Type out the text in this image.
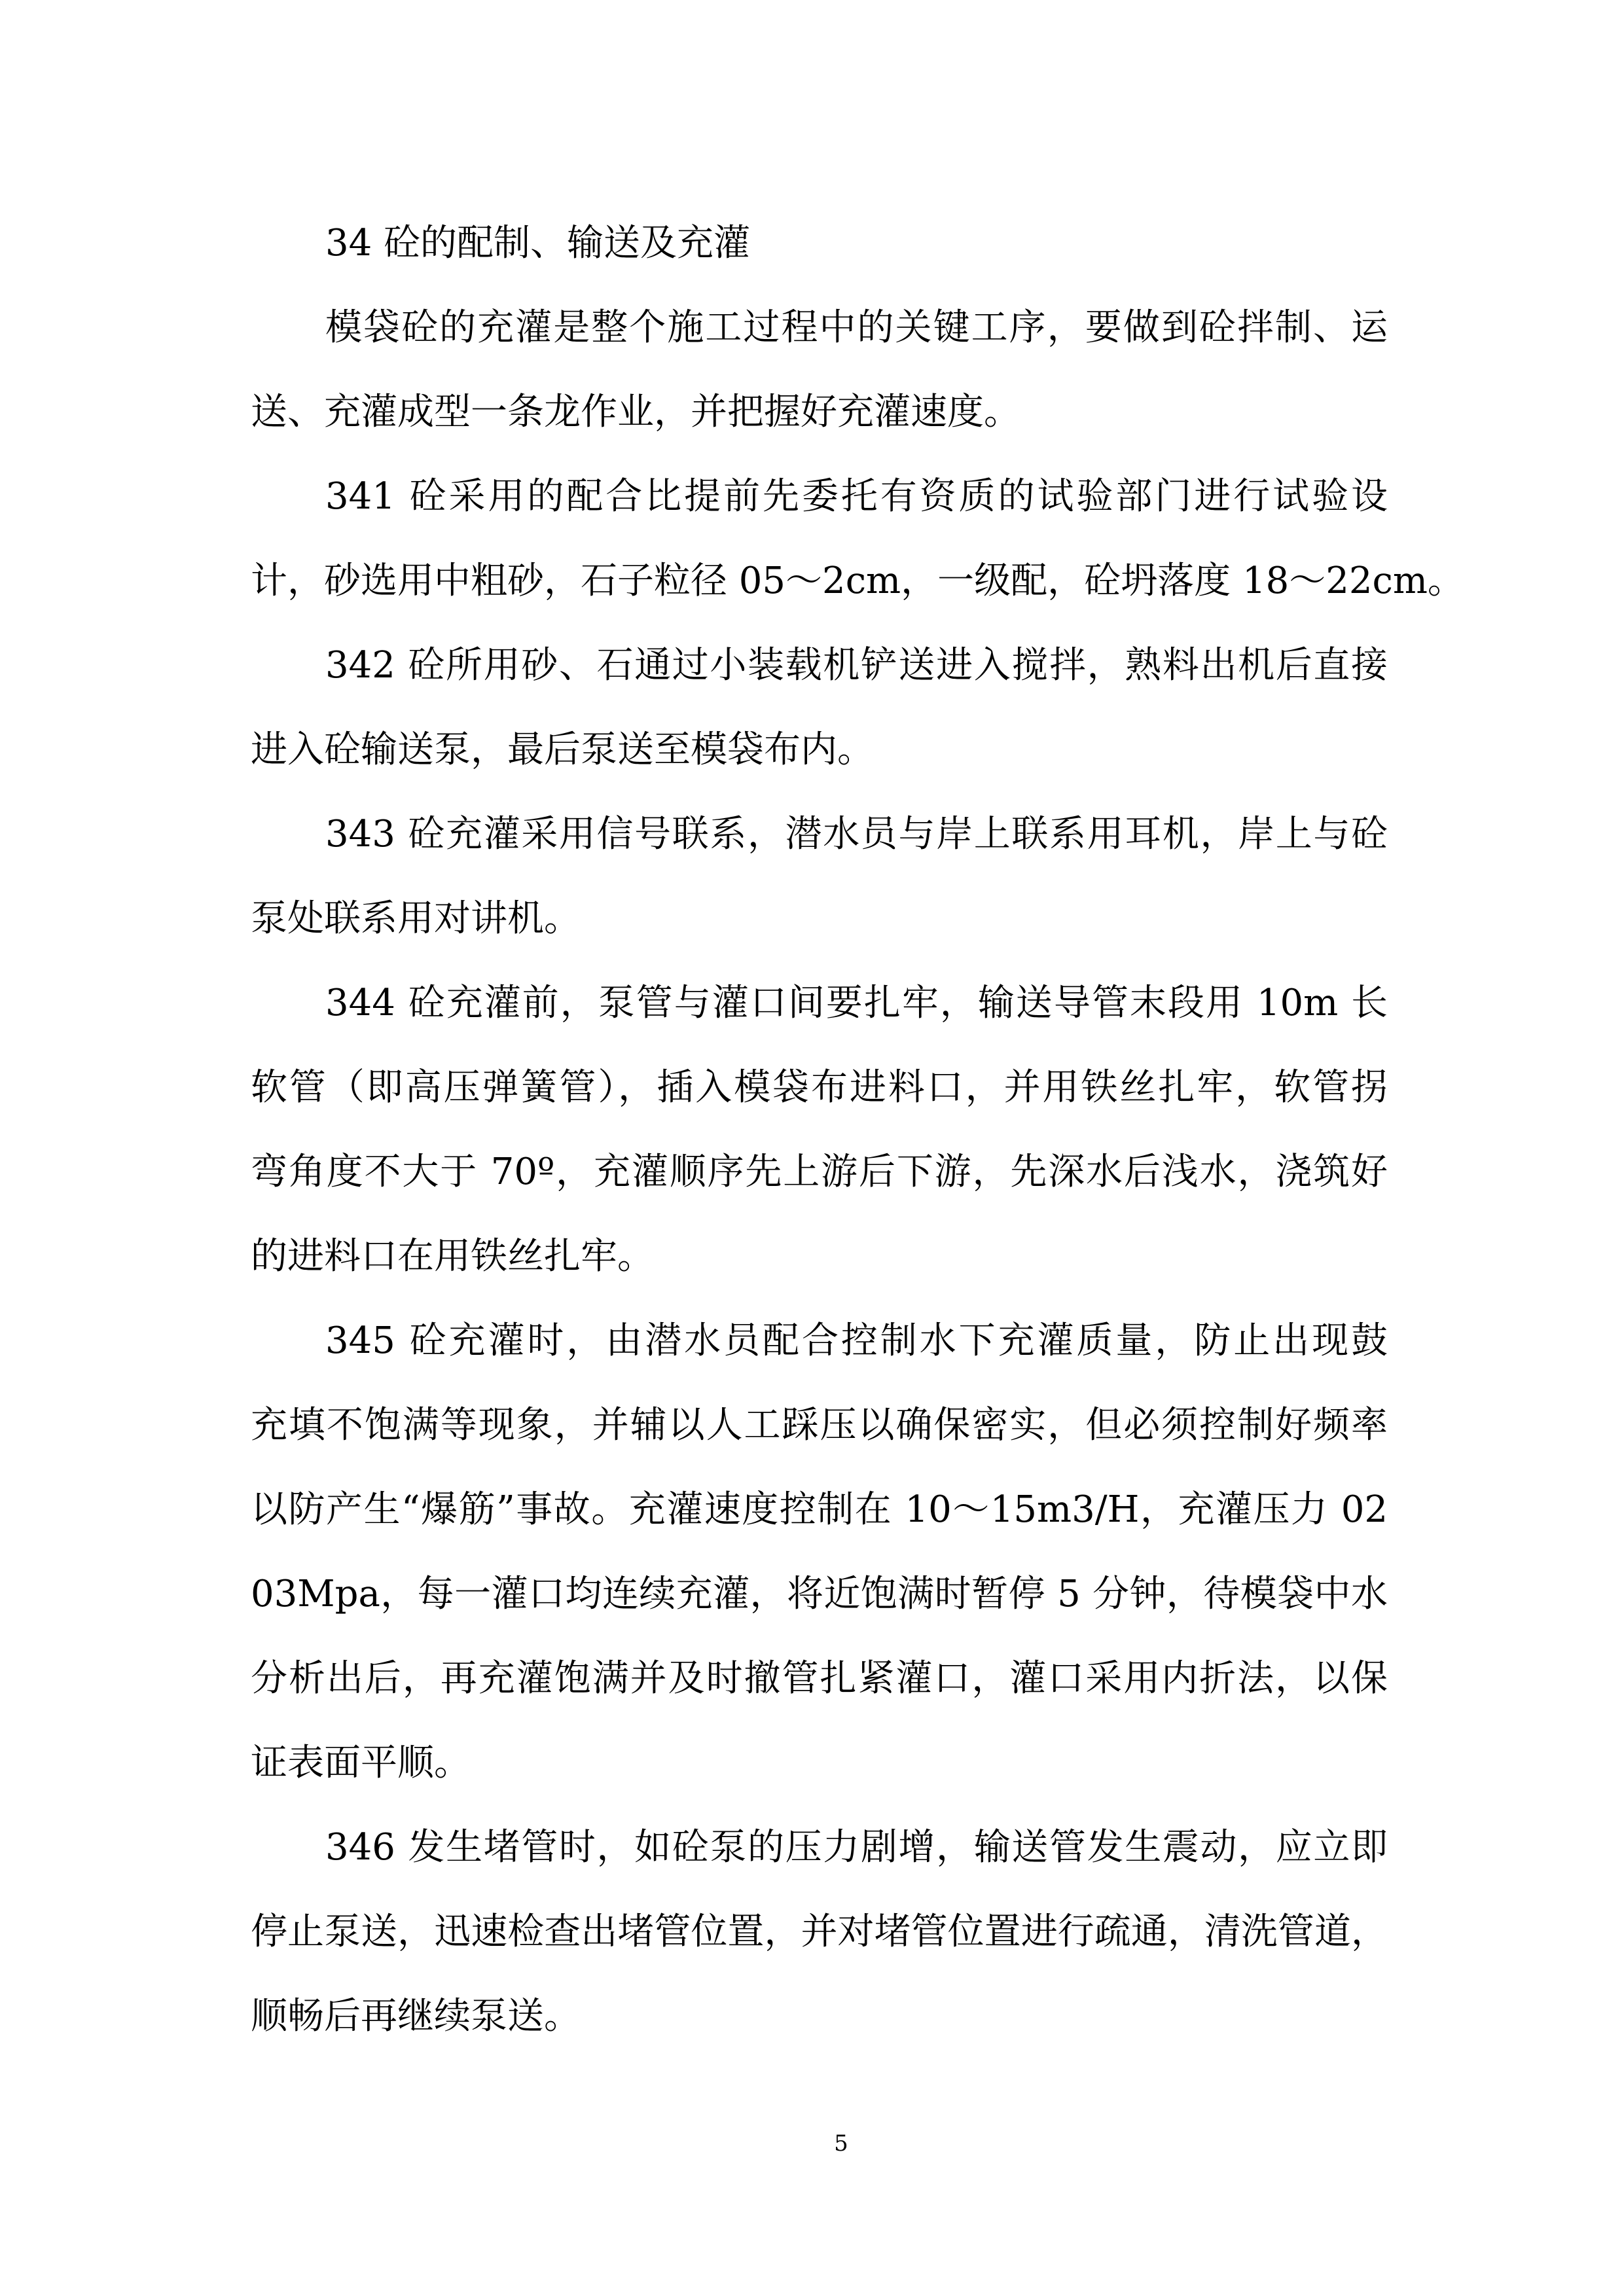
34 砼的配制、输送及充灌
模袋砼的充灌是整个施工过程中的关键工序，要做到砼拌制、运
送、充灌成型一条龙作业，并把握好充灌速度。
341 砼采用的配合比提前先委托有资质的试验部门进行试验设
计，砂选用中粗砂，石子粒径 05～2cm，一级配，砼坍落度 18～22cm。
342 砼所用砂、石通过小装载机铲送进入搅拌，熟料出机后直接
进入砼输送泵，最后泵送至模袋布内。
343 砼充灌采用信号联系，潜水员与岸上联系用耳机，岸上与砼
泵处联系用对讲机。
344 砼充灌前，泵管与灌口间要扎牢，输送导管末段用 10m 长
软管（即高压弹簧管），插入模袋布进料口，并用铁丝扎牢，软管拐
弯角度不大于 70º，充灌顺序先上游后下游，先深水后浅水，浇筑好
的进料口在用铁丝扎牢。
345 砼充灌时，由潜水员配合控制水下充灌质量，防止出现鼓
充填不饱满等现象，并辅以人工踩压以确保密实，但必须控制好频率
以防产生“爆筋”事故。充灌速度控制在 10～15m3/H，充灌压力 02
03Mpa，每一灌口均连续充灌，将近饱满时暂停 5 分钟，待模袋中水
分析出后，再充灌饱满并及时撤管扎紧灌口，灌口采用内折法，以保
证表面平顺。
346 发生堵管时，如砼泵的压力剧增，输送管发生震动，应立即
停止泵送，迅速检查出堵管位置，并对堵管位置进行疏通，清洗管道，
顺畅后再继续泵送。
5
